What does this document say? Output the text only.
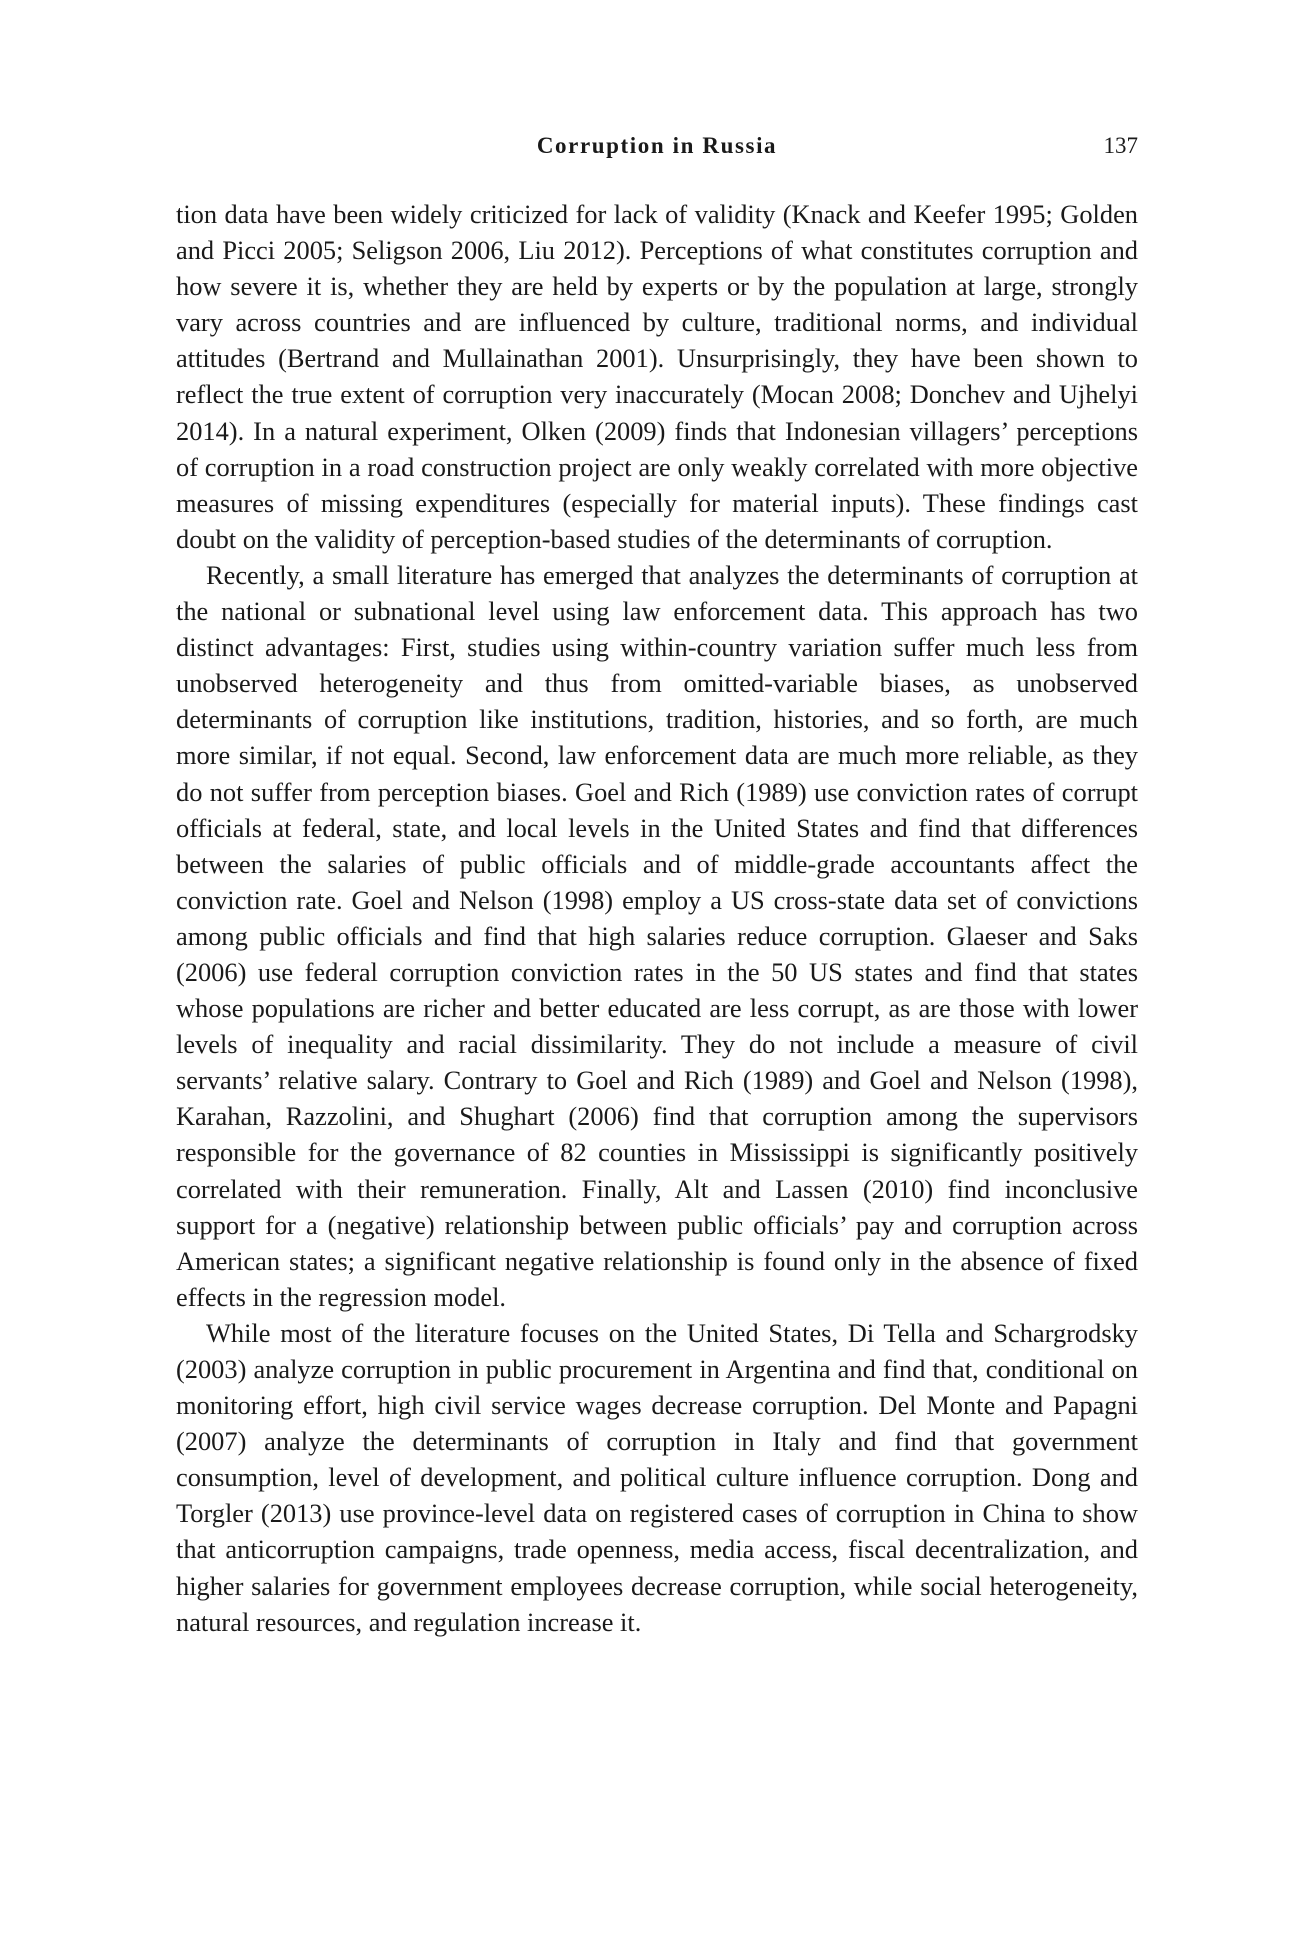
Corruption in Russia	137

tion data have been widely criticized for lack of validity (Knack and Keefer 1995; Golden and Picci 2005; Seligson 2006, Liu 2012). Perceptions of what constitutes corruption and how severe it is, whether they are held by experts or by the population at large, strongly vary across countries and are influenced by culture, traditional norms, and individual attitudes (Bertrand and Mullainathan 2001). Unsurprisingly, they have been shown to reflect the true extent of corruption very inaccurately (Mocan 2008; Donchev and Ujhelyi 2014). In a natural experiment, Olken (2009) finds that Indonesian villagers’ perceptions of corruption in a road construction project are only weakly correlated with more objective measures of missing expenditures (especially for material inputs). These findings cast doubt on the validity of perception-based studies of the determinants of corruption.

Recently, a small literature has emerged that analyzes the determinants of corruption at the national or subnational level using law enforcement data. This approach has two distinct advantages: First, studies using within-country variation suffer much less from unobserved heterogeneity and thus from omitted-variable biases, as unobserved determinants of corruption like institutions, tradition, histories, and so forth, are much more similar, if not equal. Second, law enforcement data are much more reliable, as they do not suffer from perception biases. Goel and Rich (1989) use conviction rates of corrupt officials at federal, state, and local levels in the United States and find that differences between the salaries of public officials and of middle-grade accountants affect the conviction rate. Goel and Nelson (1998) employ a US cross-state data set of convictions among public officials and find that high salaries reduce corruption. Glaeser and Saks (2006) use federal corruption conviction rates in the 50 US states and find that states whose populations are richer and better educated are less corrupt, as are those with lower levels of inequality and racial dissimilarity. They do not include a measure of civil servants’ relative salary. Contrary to Goel and Rich (1989) and Goel and Nelson (1998), Karahan, Razzolini, and Shughart (2006) find that corruption among the supervisors responsible for the governance of 82 counties in Mississippi is significantly positively correlated with their remuneration. Finally, Alt and Lassen (2010) find inconclusive support for a (negative) relationship between public officials’ pay and corruption across American states; a significant negative relationship is found only in the absence of fixed effects in the regression model.

While most of the literature focuses on the United States, Di Tella and Schargrodsky (2003) analyze corruption in public procurement in Argentina and find that, conditional on monitoring effort, high civil service wages decrease corruption. Del Monte and Papagni (2007) analyze the determinants of corruption in Italy and find that government consumption, level of development, and political culture influence corruption. Dong and Torgler (2013) use province-level data on registered cases of corruption in China to show that anticorruption campaigns, trade openness, media access, fiscal decentralization, and higher salaries for government employees decrease corruption, while social heterogeneity, natural resources, and regulation increase it.
